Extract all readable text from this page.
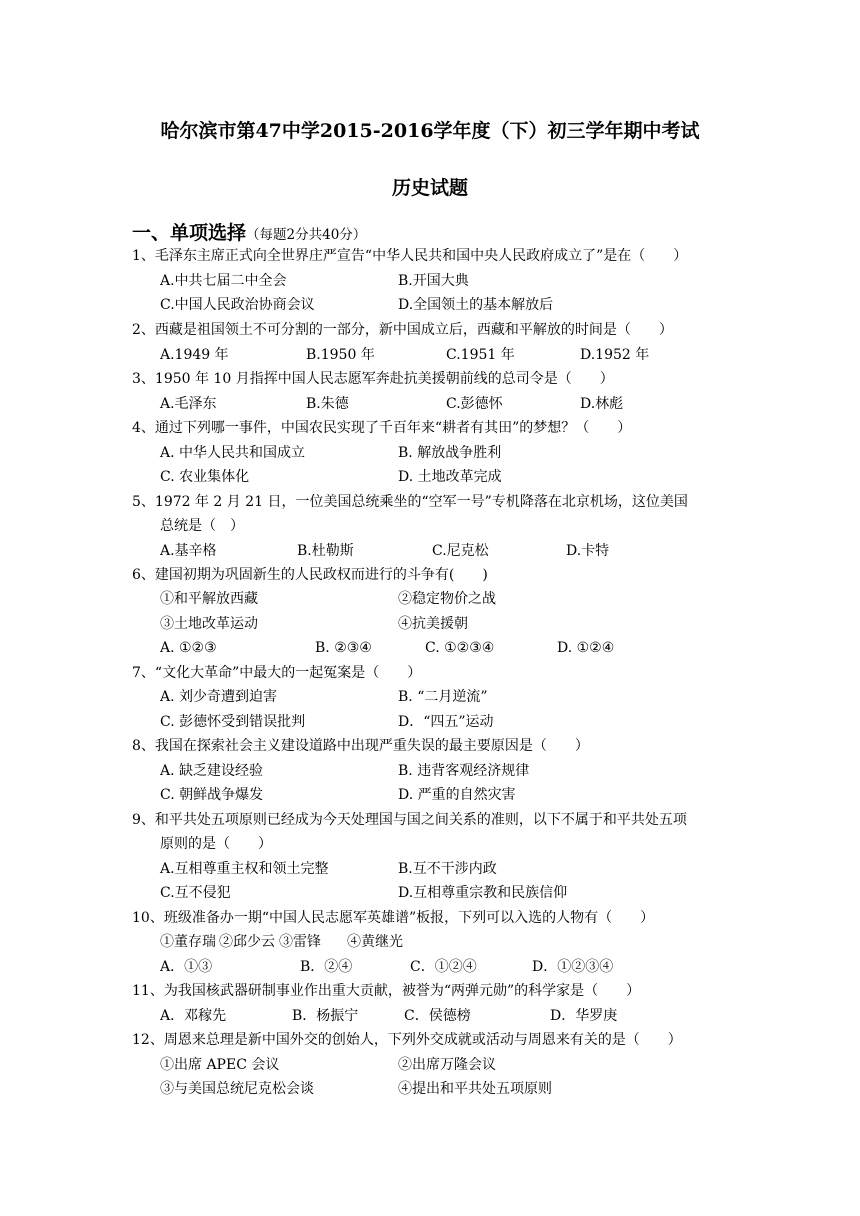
哈尔滨市第47中学2015-2016学年度（下）初三学年期中考试
历史试题
一、单项选择（每题2分共40分）
1、毛泽东主席正式向全世界庄严宣告“中华人民共和国中央人民政府成立了”是在（　　）
A.中共七届二中全会	B.开国大典
C.中国人民政治协商会议	D.全国领土的基本解放后
2、西藏是祖国领土不可分割的一部分，新中国成立后，西藏和平解放的时间是（　　）
A.1949 年	B.1950 年	C.1951 年	D.1952 年
3、1950 年 10 月指挥中国人民志愿军奔赴抗美援朝前线的总司令是（　　）
A.毛泽东	B.朱德	C.彭德怀	D.林彪
4、通过下列哪一事件，中国农民实现了千百年来“耕者有其田”的梦想？（　　）
A. 中华人民共和国成立	B. 解放战争胜利
C. 农业集体化	D. 土地改革完成
5、1972 年 2 月 21 日，一位美国总统乘坐的“空军一号”专机降落在北京机场，这位美国
总统是（　）
A.基辛格	B.杜勒斯	C.尼克松	D.卡特
6、建国初期为巩固新生的人民政权而进行的斗争有(　　)
①和平解放西藏	②稳定物价之战
③土地改革运动	④抗美援朝
A. ①②③	B. ②③④	C. ①②③④	D. ①②④
7、“文化大革命”中最大的一起冤案是（　　）
A. 刘少奇遭到迫害	B. “二月逆流”
C. 彭德怀受到错误批判	D．“四五”运动
8、我国在探索社会主义建设道路中出现严重失误的最主要原因是（　　）
A. 缺乏建设经验	B. 违背客观经济规律
C. 朝鲜战争爆发	D. 严重的自然灾害
9、和平共处五项原则已经成为今天处理国与国之间关系的准则，以下不属于和平共处五项
原则的是（　　）
A.互相尊重主权和领土完整	B.互不干涉内政
C.互不侵犯	D.互相尊重宗教和民族信仰
10、班级准备办一期“中国人民志愿军英雄谱”板报，下列可以入选的人物有（　　）
①董存瑞 ②邱少云 ③雷锋 ④黄继光
A．①③	B．②④	C．①②④	D．①②③④
11、为我国核武器研制事业作出重大贡献，被誉为“两弹元勋”的科学家是（　　）
A．邓稼先	B．杨振宁	C．侯德榜	D．华罗庚
12、周恩来总理是新中国外交的创始人，下列外交成就或活动与周恩来有关的是（　　）
①出席 APEC 会议	②出席万隆会议
③与美国总统尼克松会谈	④提出和平共处五项原则
